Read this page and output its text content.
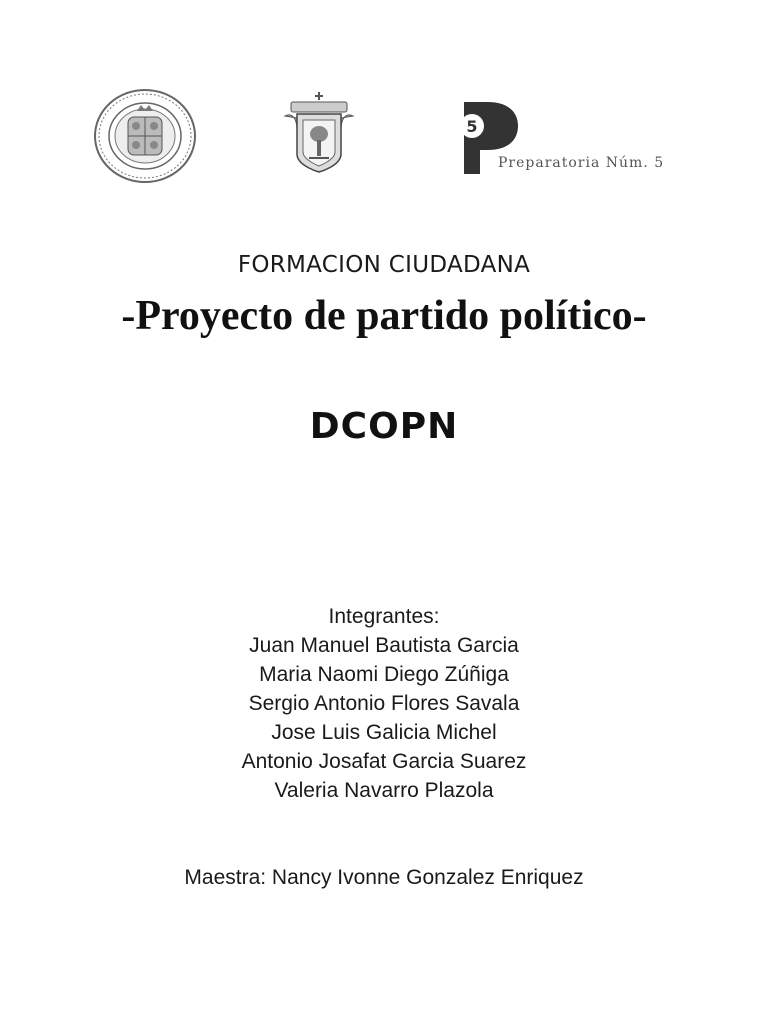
5
Preparatoria Núm. 5
FORMACION CIUDADANA
-Proyecto de partido político-
DCOPN
Integrantes:
Juan Manuel Bautista Garcia
Maria Naomi Diego Zúñiga
Sergio Antonio Flores Savala
Jose Luis Galicia Michel
Antonio Josafat Garcia Suarez
Valeria Navarro Plazola
Maestra: Nancy Ivonne Gonzalez Enriquez
